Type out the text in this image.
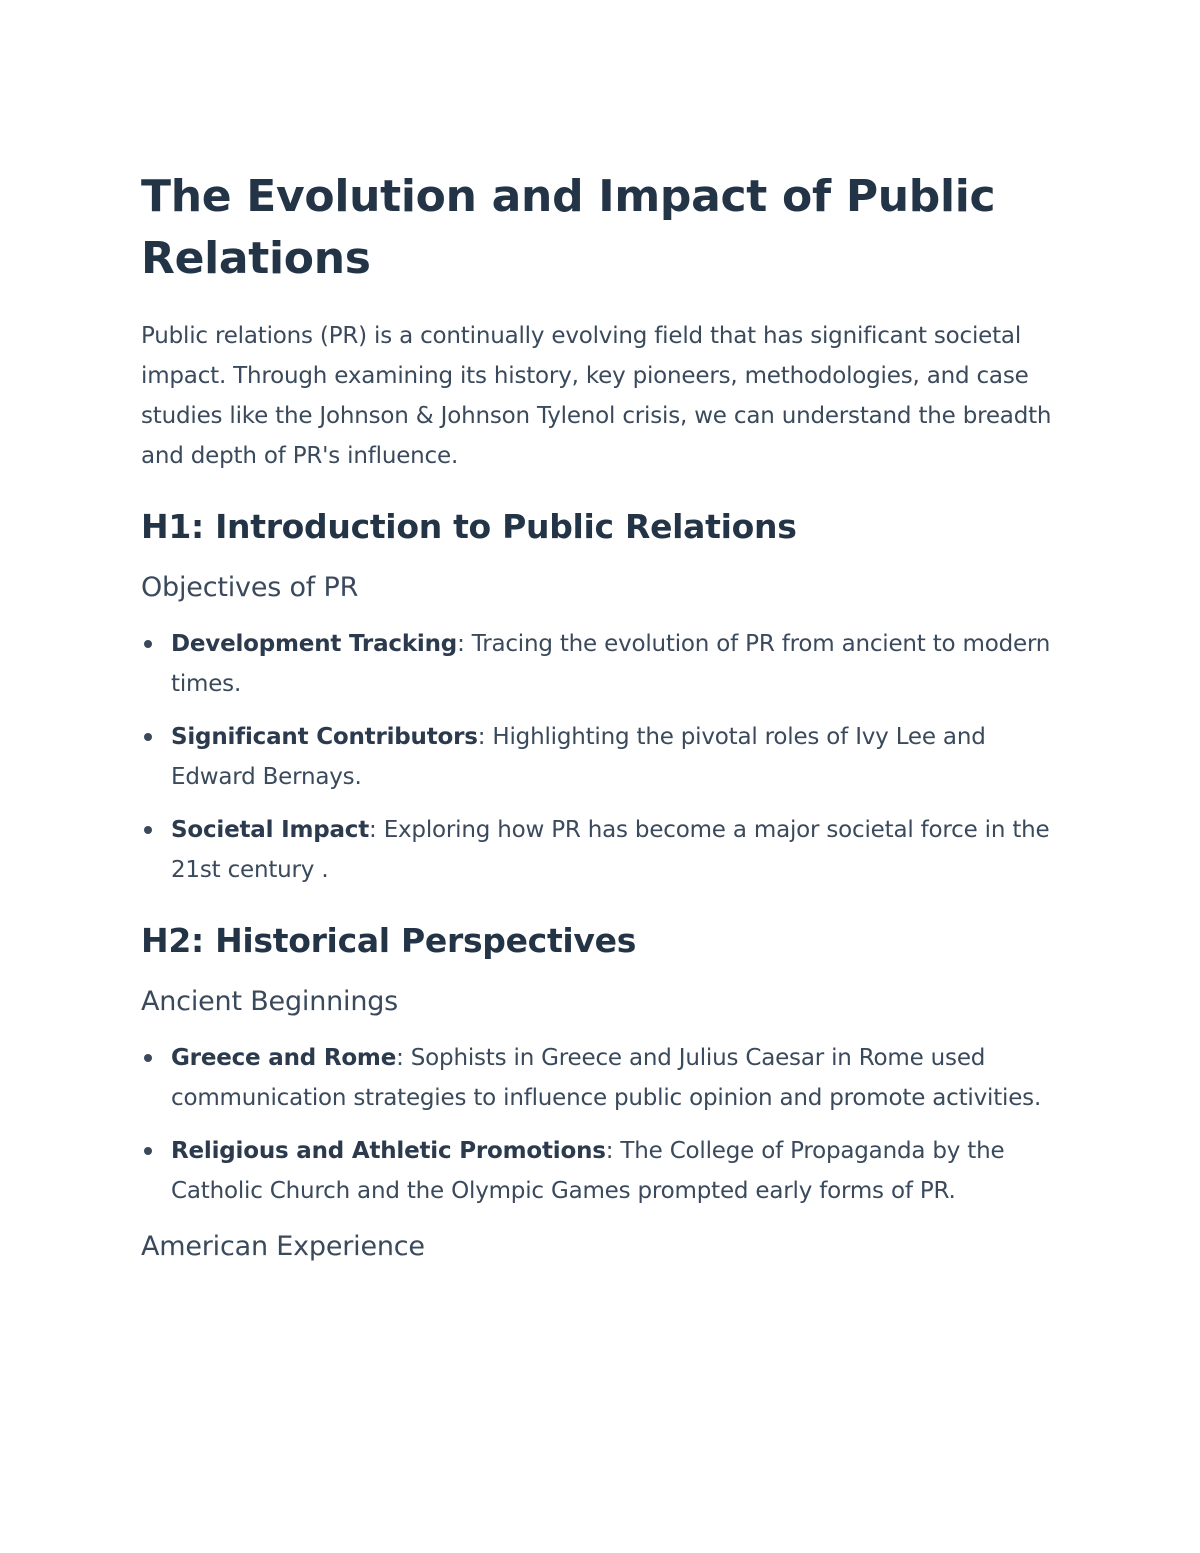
The Evolution and Impact of Public Relations

Public relations (PR) is a continually evolving field that has significant societal impact. Through examining its history, key pioneers, methodologies, and case studies like the Johnson & Johnson Tylenol crisis, we can understand the breadth and depth of PR's influence.

H1: Introduction to Public Relations
Objectives of PR
Development Tracking: Tracing the evolution of PR from ancient to modern times.
Significant Contributors: Highlighting the pivotal roles of Ivy Lee and Edward Bernays.
Societal Impact: Exploring how PR has become a major societal force in the 21st century .
H2: Historical Perspectives
Ancient Beginnings
Greece and Rome: Sophists in Greece and Julius Caesar in Rome used communication strategies to influence public opinion and promote activities.
Religious and Athletic Promotions: The College of Propaganda by the Catholic Church and the Olympic Games prompted early forms of PR.
American Experience
